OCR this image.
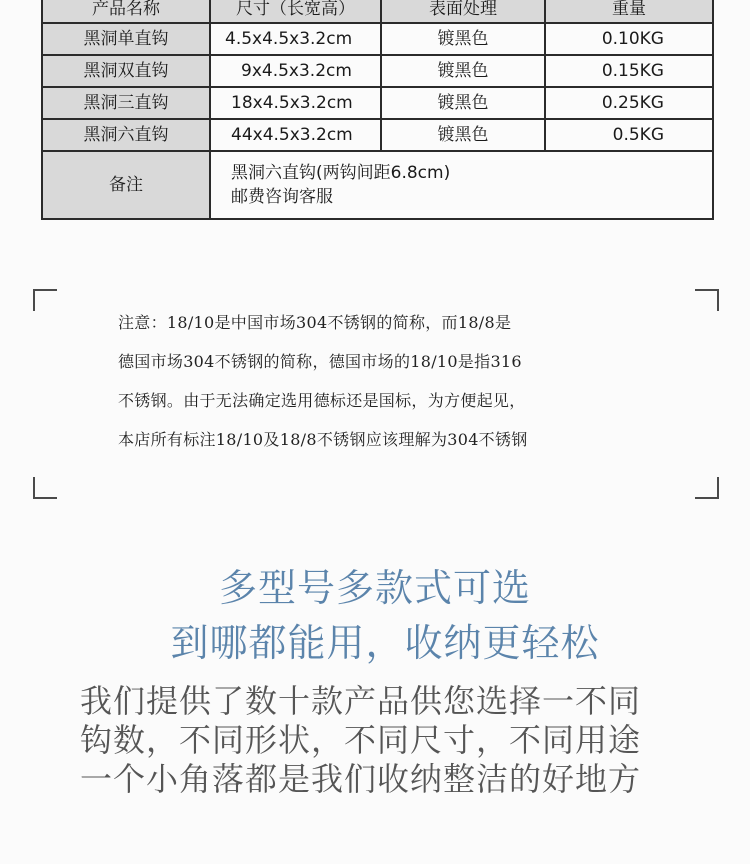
产品名称	尺寸（长宽高）	表面处理	重量
黑洞单直钩	4.5x4.5x3.2cm	镀黑色	0.10KG
黑洞双直钩	9x4.5x3.2cm	镀黑色	0.15KG
黑洞三直钩	18x4.5x3.2cm	镀黑色	0.25KG
黑洞六直钩	44x4.5x3.2cm	镀黑色	0.5KG
备注	黑洞六直钩(两钩间距6.8cm)
邮费咨询客服		
注意：18/10是中国市场304不锈钢的简称，而18/8是
德国市场304不锈钢的简称，德国市场的18/10是指316
不锈钢。由于无法确定选用德标还是国标，为方便起见，
本店所有标注18/10及18/8不锈钢应该理解为304不锈钢
多型号多款式可选
到哪都能用，收纳更轻松
我们提供了数十款产品供您选择一不同
钩数，不同形状，不同尺寸，不同用途
一个小角落都是我们收纳整洁的好地方
